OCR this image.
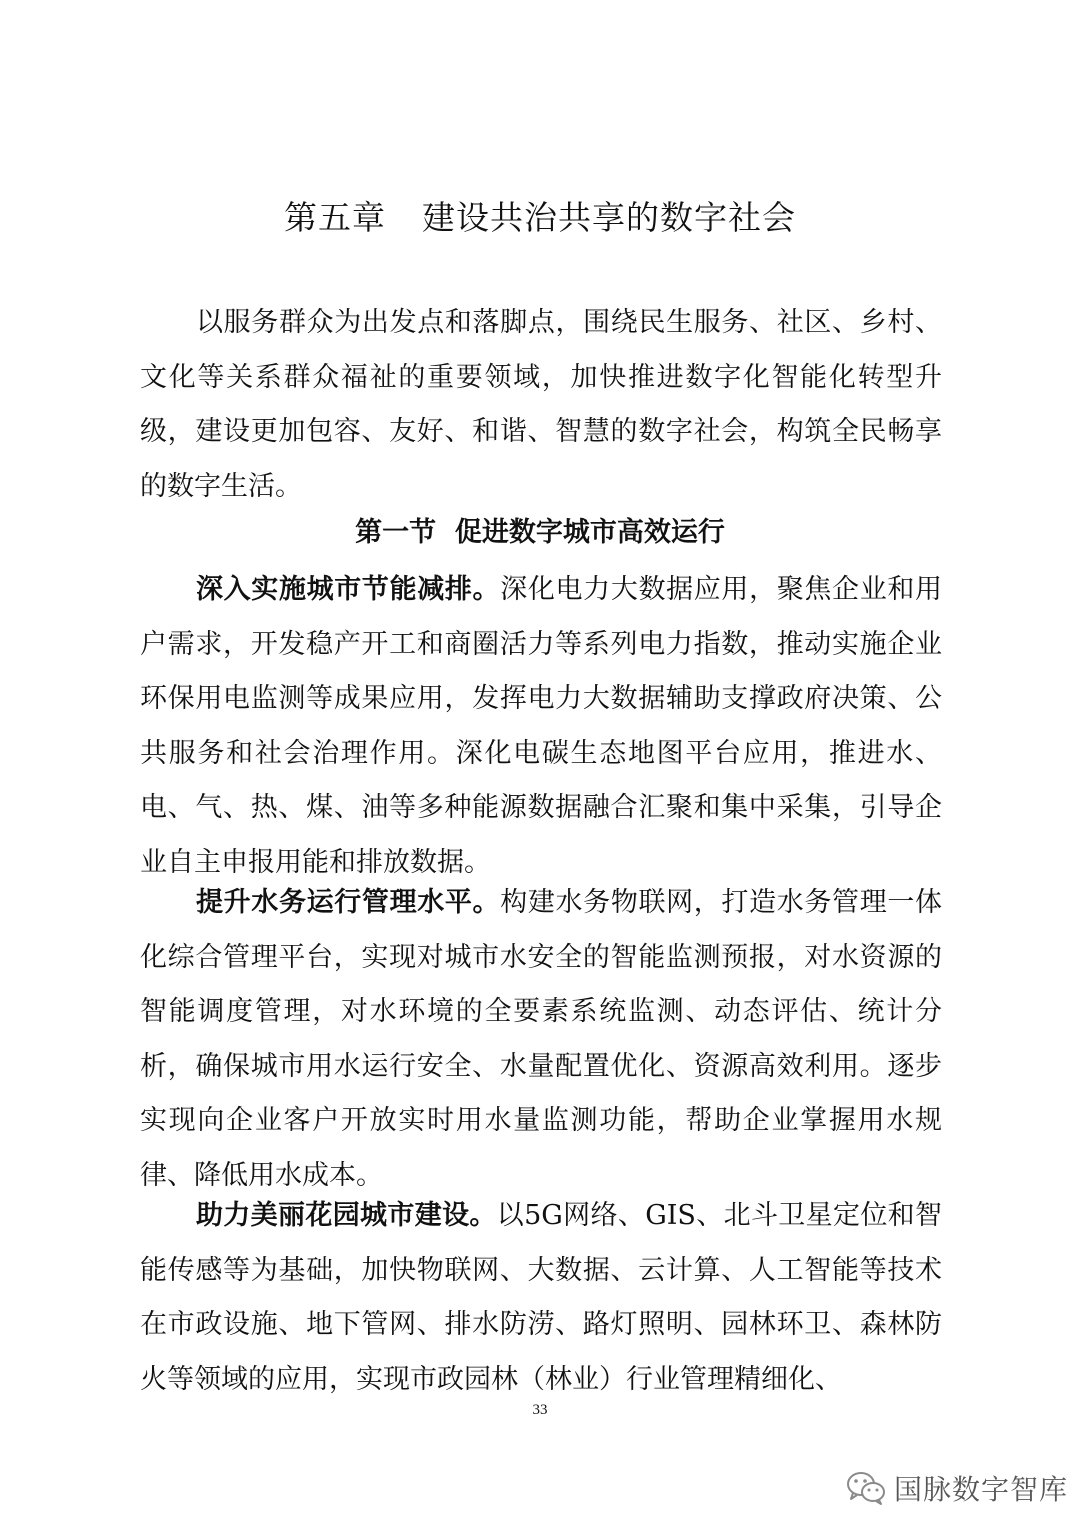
第五章 建设共治共享的数字社会

以服务群众为出发点和落脚点，围绕民生服务、社区、乡村、文化等关系群众福祉的重要领域，加快推进数字化智能化转型升级，建设更加包容、友好、和谐、智慧的数字社会，构筑全民畅享的数字生活。

第一节  促进数字城市高效运行

深入实施城市节能减排。深化电力大数据应用，聚焦企业和用户需求，开发稳产开工和商圈活力等系列电力指数，推动实施企业环保用电监测等成果应用，发挥电力大数据辅助支撑政府决策、公共服务和社会治理作用。深化电碳生态地图平台应用，推进水、电、气、热、煤、油等多种能源数据融合汇聚和集中采集，引导企业自主申报用能和排放数据。

提升水务运行管理水平。构建水务物联网，打造水务管理一体化综合管理平台，实现对城市水安全的智能监测预报，对水资源的智能调度管理，对水环境的全要素系统监测、动态评估、统计分析，确保城市用水运行安全、水量配置优化、资源高效利用。逐步实现向企业客户开放实时用水量监测功能，帮助企业掌握用水规律、降低用水成本。

助力美丽花园城市建设。以5G网络、GIS、北斗卫星定位和智能传感等为基础，加快物联网、大数据、云计算、人工智能等技术在市政设施、地下管网、排水防涝、路灯照明、园林环卫、森林防火等领域的应用，实现市政园林（林业）行业管理精细化、

33

国脉数字智库
